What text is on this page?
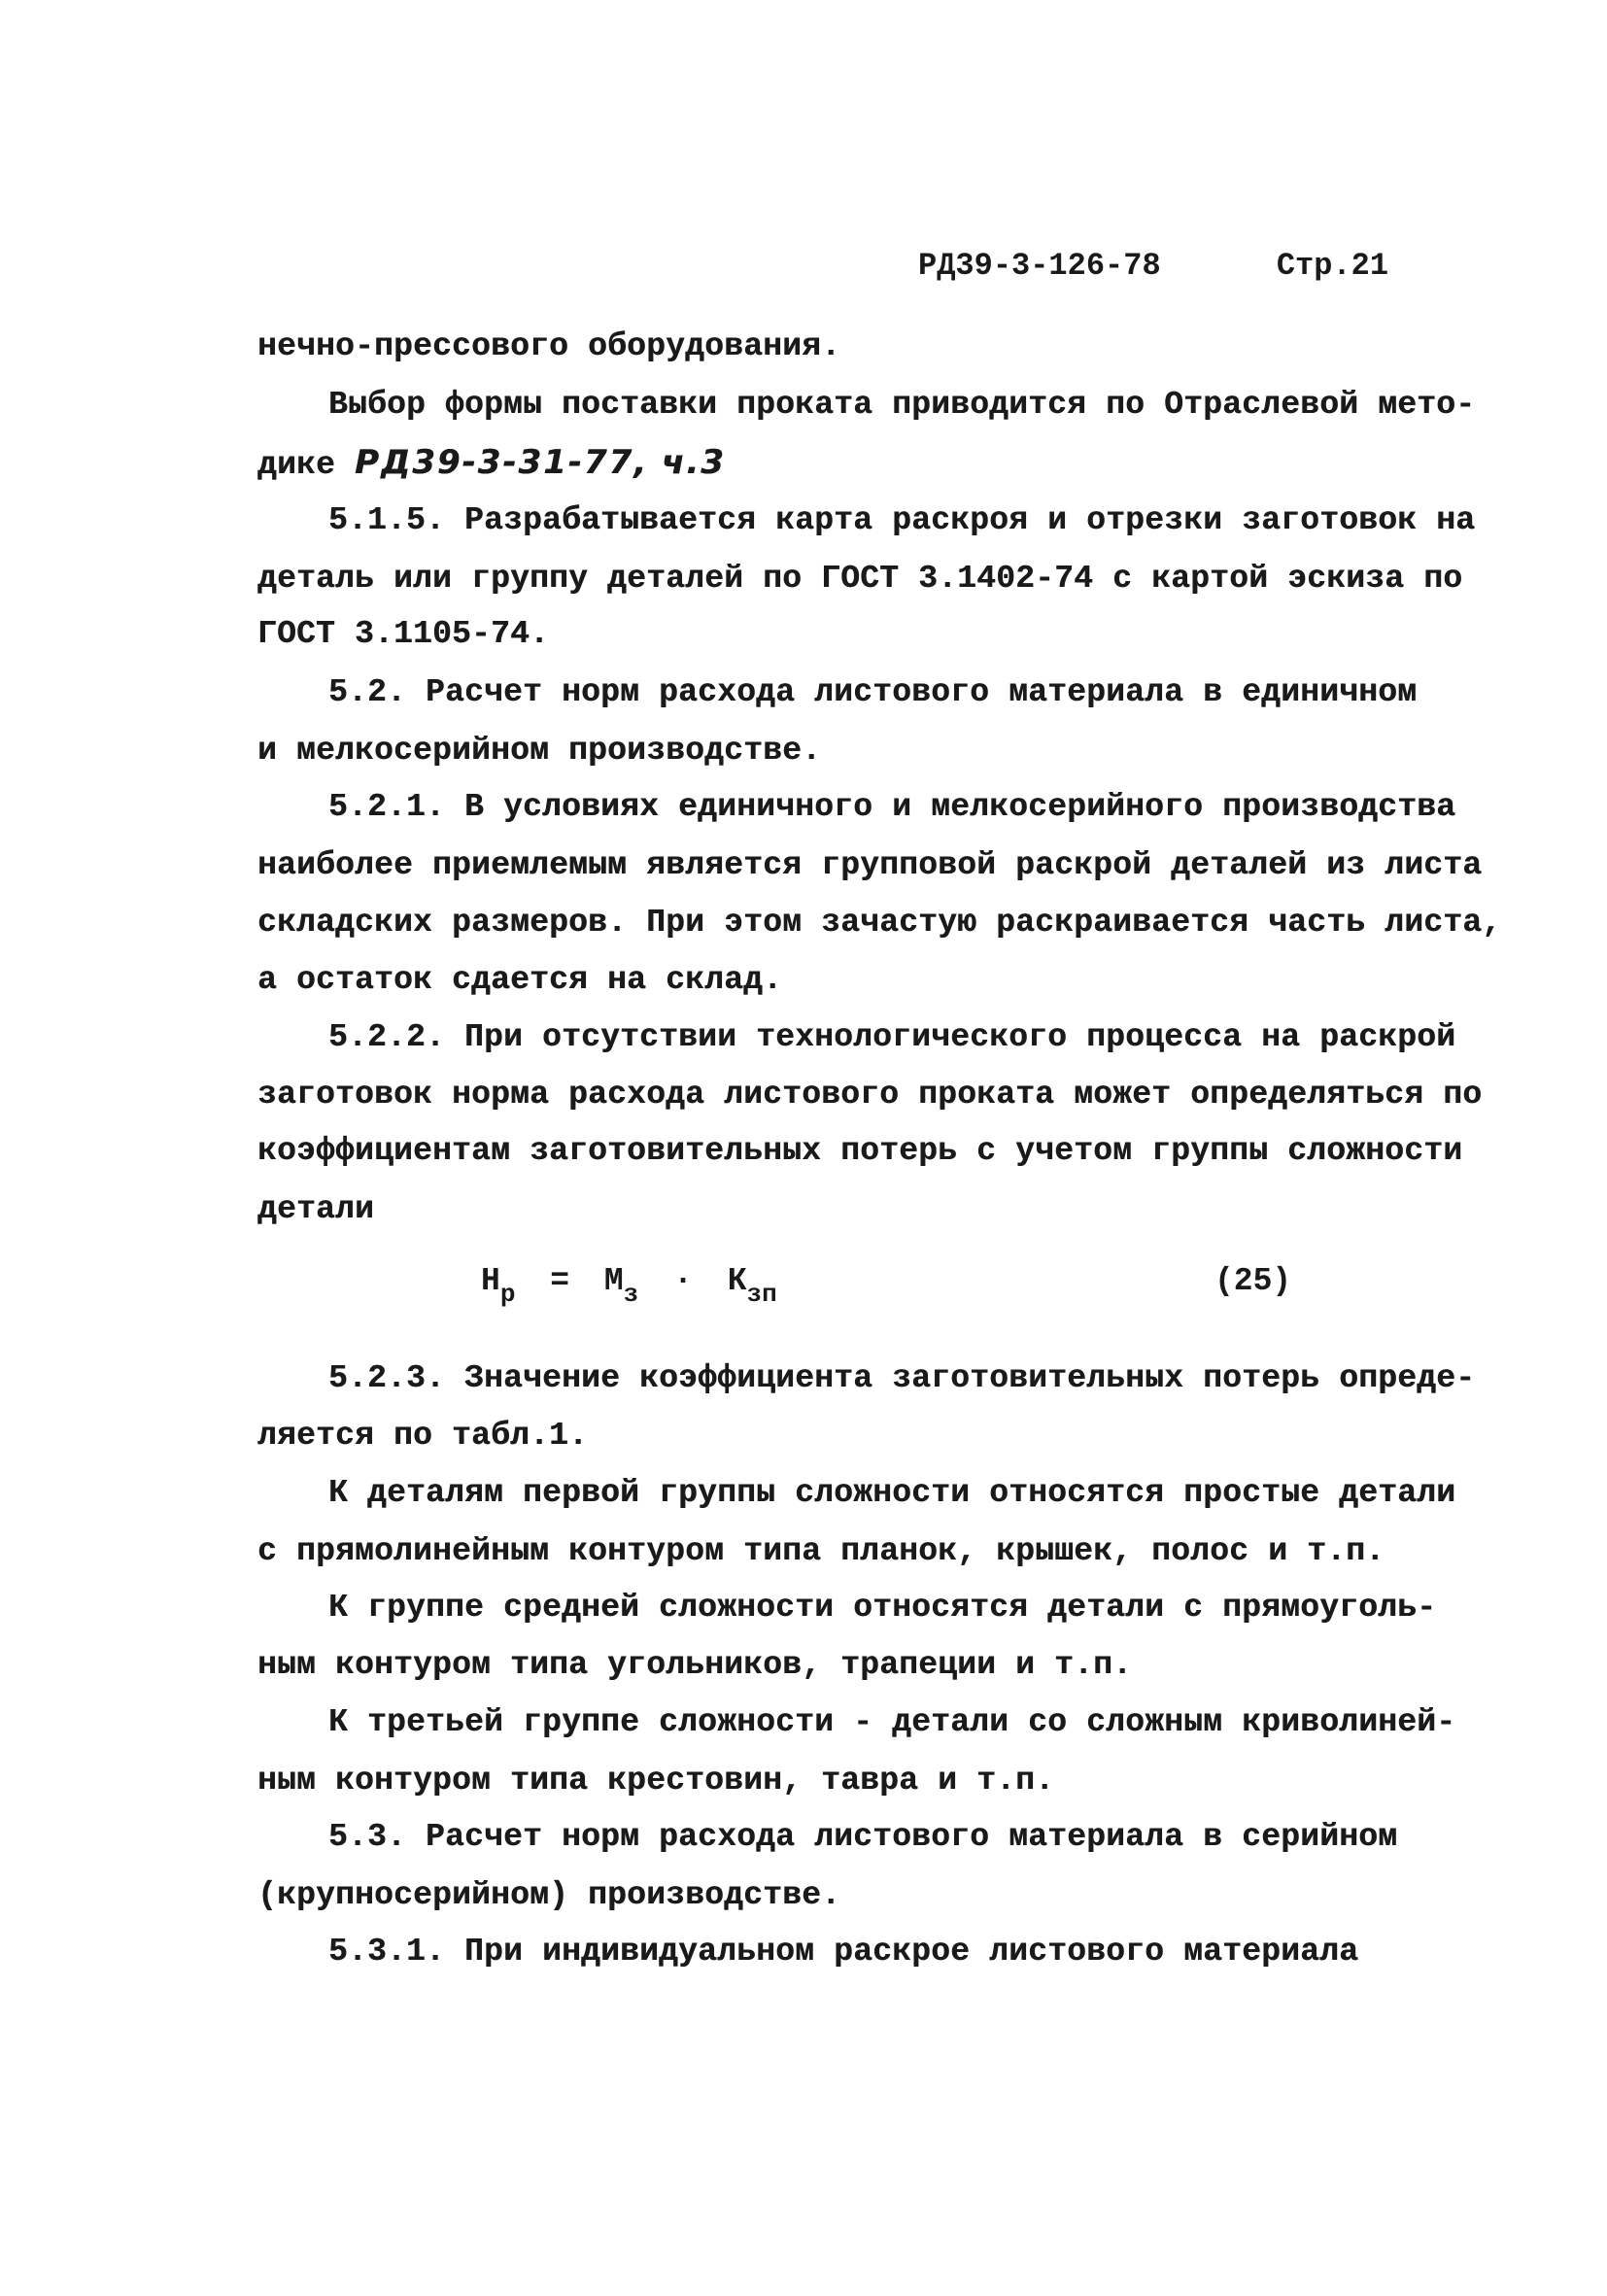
РД39-3-126-78	Стр.21
нечно-прессового оборудования.
Выбор формы поставки проката приводится по Отраслевой мето-
дике РД39-3-31-77, ч.3
5.1.5. Разрабатывается карта раскроя и отрезки заготовок на
деталь или группу деталей по ГОСТ 3.1402-74 с картой эскиза по
ГОСТ 3.1105-74.
5.2. Расчет норм расхода листового материала в единичном
и мелкосерийном производстве.
5.2.1. В условиях единичного и мелкосерийного производства
наиболее приемлемым является групповой раскрой деталей из листа
складских размеров. При этом зачастую раскраивается часть листа,
а остаток сдается на склад.
5.2.2. При отсутствии технологического процесса на раскрой
заготовок норма расхода листового проката может определяться по
коэффициентам заготовительных потерь с учетом группы сложности
детали
$Н_р = М_з \cdot К_{зп}$	(25)
5.2.3. Значение коэффициента заготовительных потерь опреде-
ляется по табл.1.
К деталям первой группы сложности относятся простые детали
с прямолинейным контуром типа планок, крышек, полос и т.п.
К группе средней сложности относятся детали с прямоуголь-
ным контуром типа угольников, трапеции и т.п.
К третьей группе сложности - детали со сложным криволиней-
ным контуром типа крестовин, тавра и т.п.
5.3. Расчет норм расхода листового материала в серийном
(крупносерийном) производстве.
5.3.1. При индивидуальном раскрое листового материала
